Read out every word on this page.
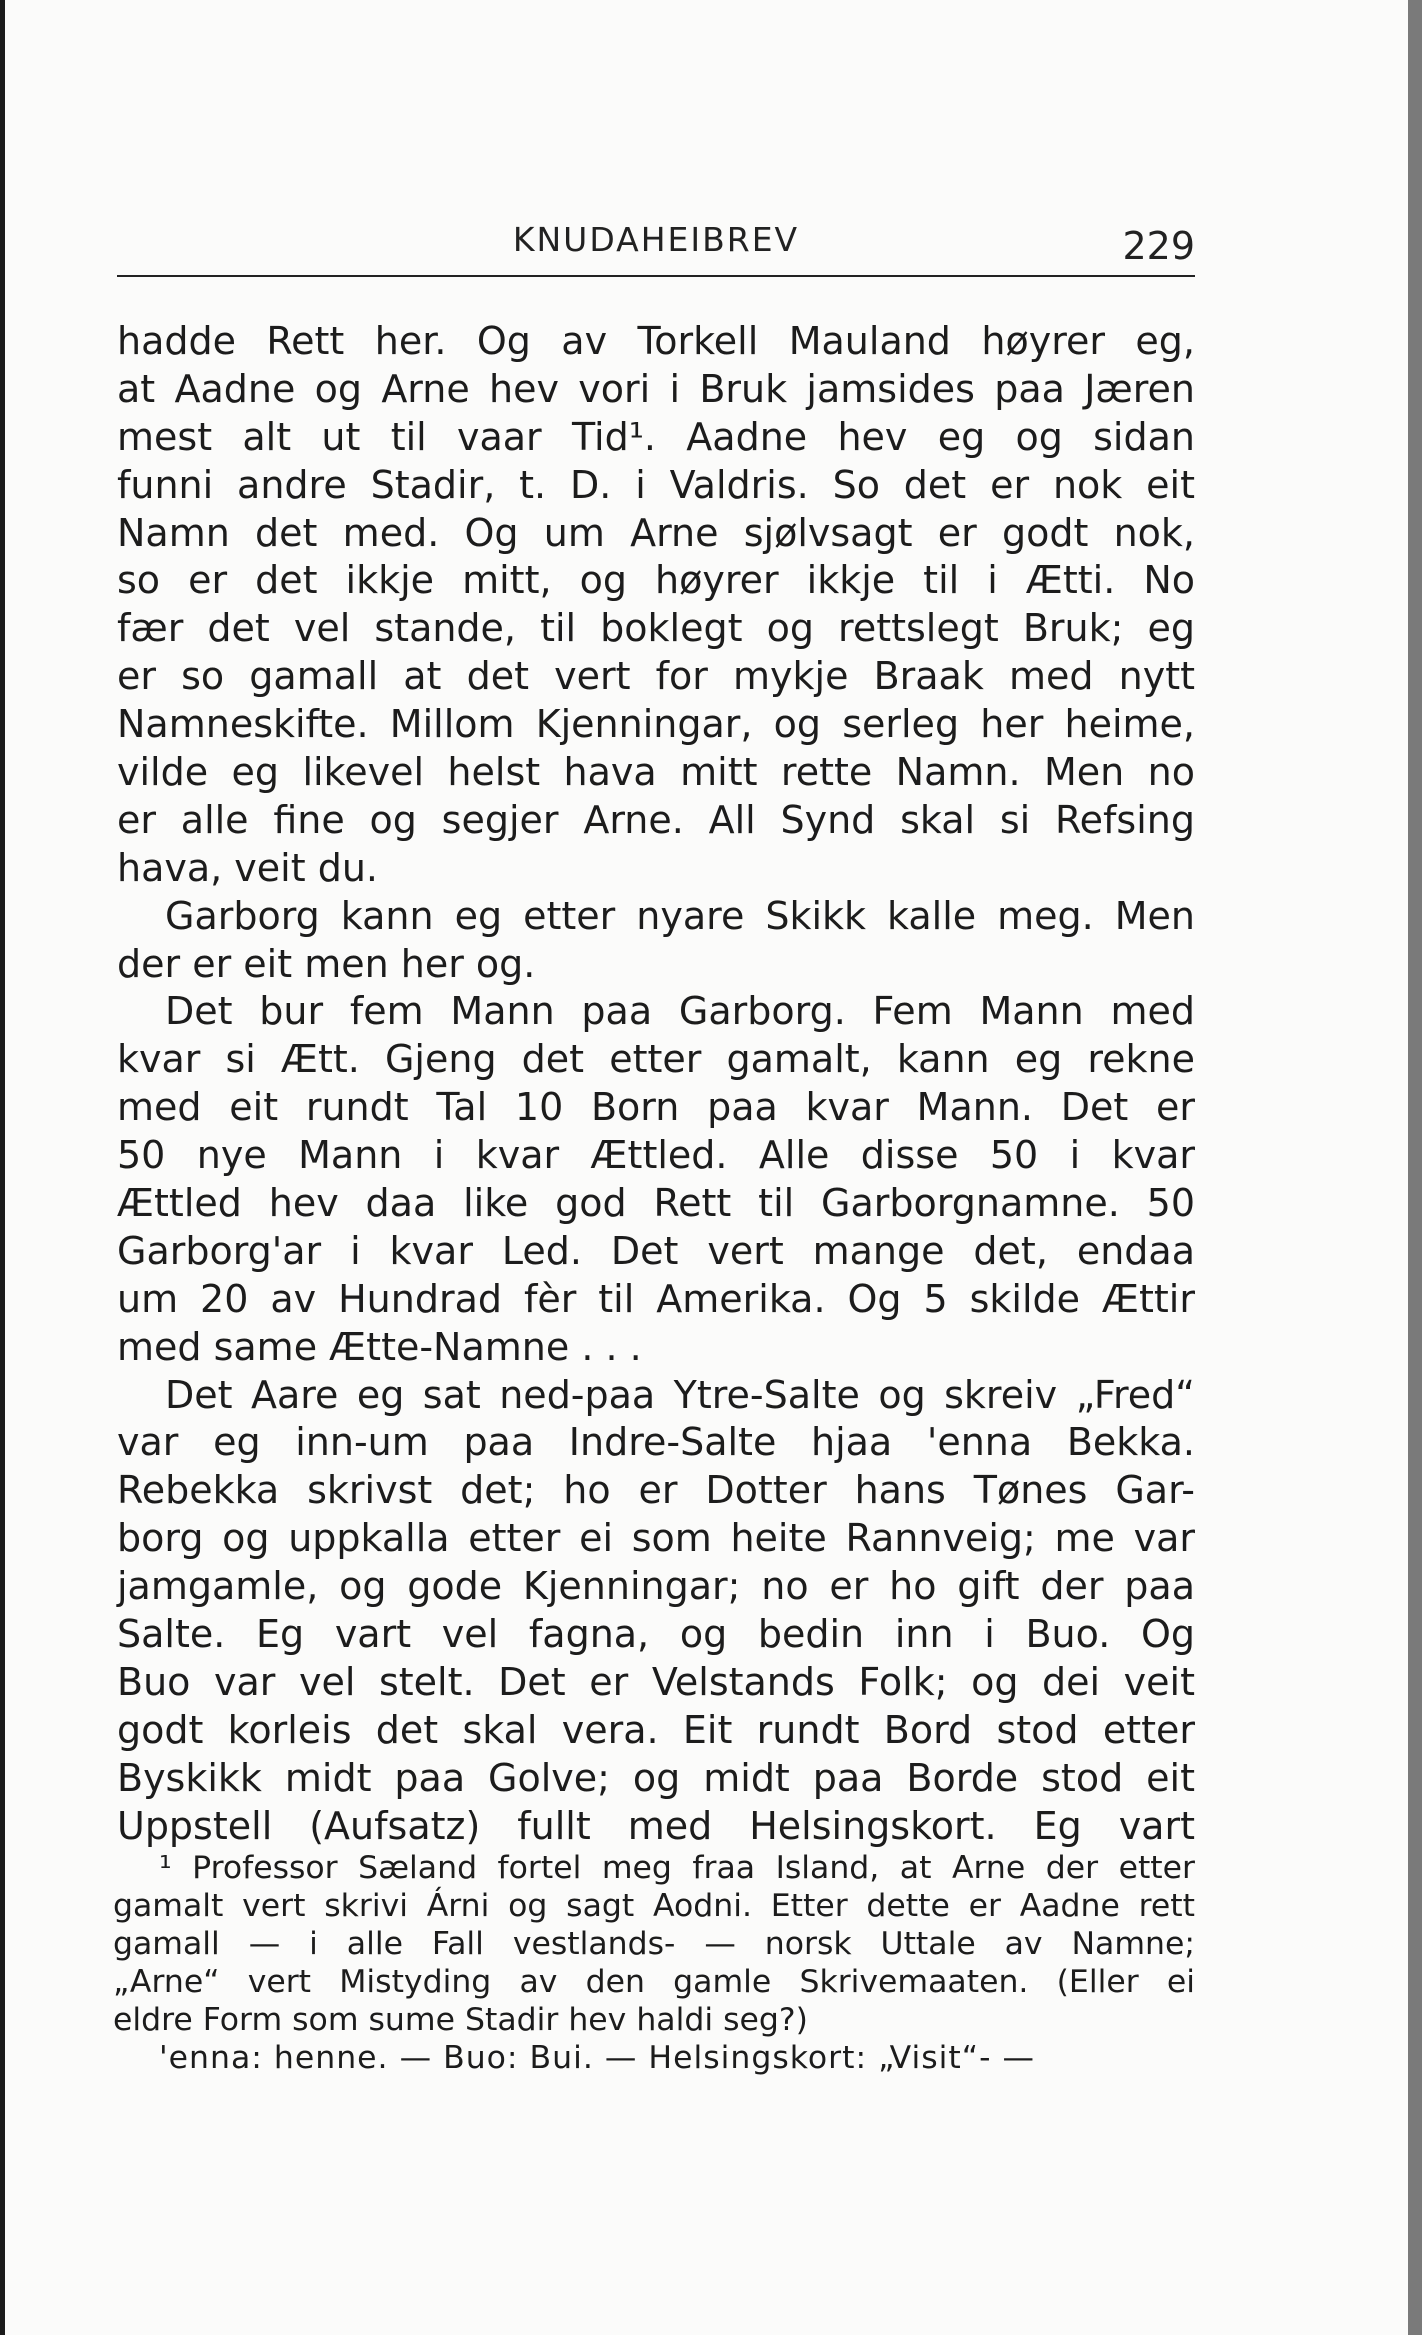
KNUDAHEIBREV	229
hadde Rett her. Og av Torkell Mauland høyrer eg,
at Aadne og Arne hev vori i Bruk jamsides paa Jæren
mest alt ut til vaar Tid¹. Aadne hev eg og sidan
funni andre Stadir, t. D. i Valdris. So det er nok eit
Namn det med. Og um Arne sjølvsagt er godt nok,
so er det ikkje mitt, og høyrer ikkje til i Ætti. No
fær det vel stande, til boklegt og rettslegt Bruk; eg
er so gamall at det vert for mykje Braak med nytt
Namneskifte. Millom Kjenningar, og serleg her heime,
vilde eg likevel helst hava mitt rette Namn. Men no
er alle fine og segjer Arne. All Synd skal si Refsing
hava, veit du.
Garborg kann eg etter nyare Skikk kalle meg. Men
der er eit men her og.
Det bur fem Mann paa Garborg. Fem Mann med
kvar si Ætt. Gjeng det etter gamalt, kann eg rekne
med eit rundt Tal 10 Born paa kvar Mann. Det er
50 nye Mann i kvar Ættled. Alle disse 50 i kvar
Ættled hev daa like god Rett til Garborgnamne. 50
Garborg'ar i kvar Led. Det vert mange det, endaa
um 20 av Hundrad fèr til Amerika. Og 5 skilde Ættir
med same Ætte-Namne . . .
Det Aare eg sat ned-paa Ytre-Salte og skreiv „Fred“
var eg inn-um paa Indre-Salte hjaa 'enna Bekka.
Rebekka skrivst det; ho er Dotter hans Tønes Gar-
borg og uppkalla etter ei som heite Rannveig; me var
jamgamle, og gode Kjenningar; no er ho gift der paa
Salte. Eg vart vel fagna, og bedin inn i Buo. Og
Buo var vel stelt. Det er Velstands Folk; og dei veit
godt korleis det skal vera. Eit rundt Bord stod etter
Byskikk midt paa Golve; og midt paa Borde stod eit
Uppstell (Aufsatz) fullt med Helsingskort. Eg vart
¹ Professor Sæland fortel meg fraa Island, at Arne der etter
gamalt vert skrivi Árni og sagt Aodni. Etter dette er Aadne rett
gamall — i alle Fall vestlands- — norsk Uttale av Namne;
„Arne“ vert Mistyding av den gamle Skrivemaaten. (Eller ei
eldre Form som sume Stadir hev haldi seg?)
'enna: henne. — Buo: Bui. — Helsingskort: „Visit“- —
